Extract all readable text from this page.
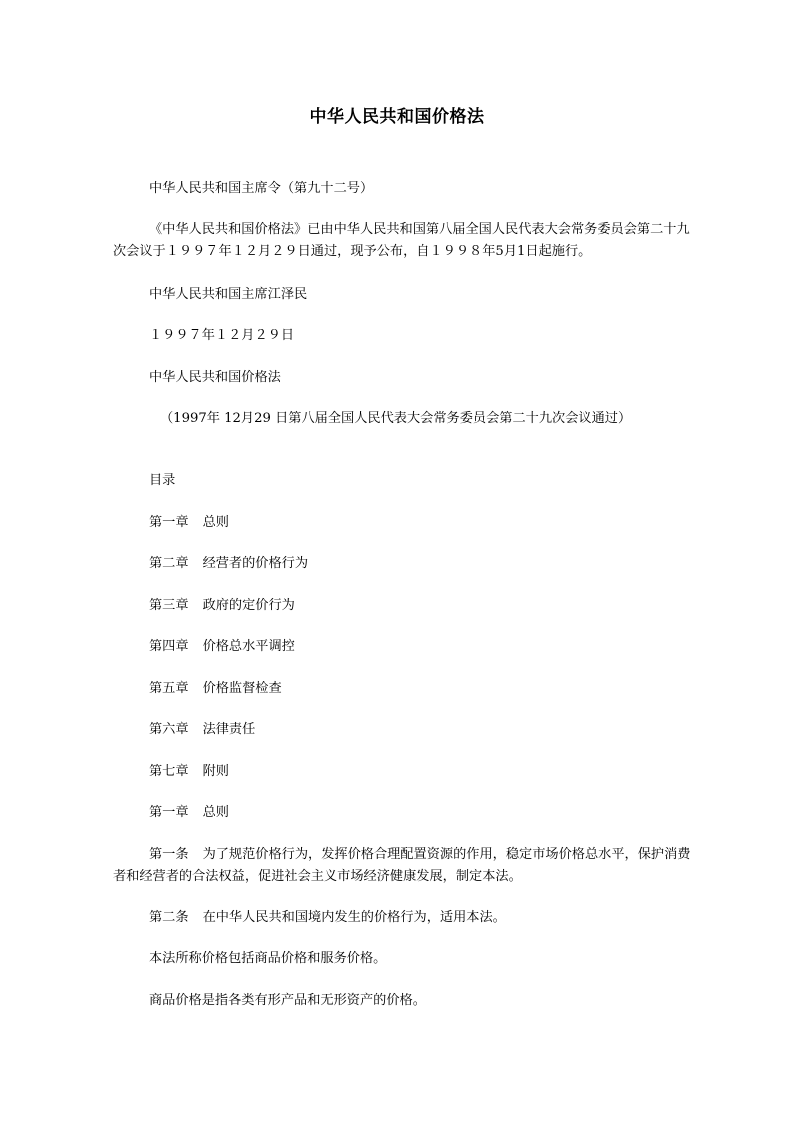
中华人民共和国价格法
中华人民共和国主席令（第九十二号）
《中华人民共和国价格法》已由中华人民共和国第八届全国人民代表大会常务委员会第二十九次会议于１９９７年１２月２９日通过，现予公布，自１９９８年5月1日起施行。
中华人民共和国主席江泽民
１９９７年１２月２９日
中华人民共和国价格法
（1997年 12月29 日第八届全国人民代表大会常务委员会第二十九次会议通过）
目录
第一章 总则
第二章 经营者的价格行为
第三章 政府的定价行为
第四章 价格总水平调控
第五章 价格监督检查
第六章 法律责任
第七章 附则
第一章 总则
第一条 为了规范价格行为，发挥价格合理配置资源的作用，稳定市场价格总水平，保护消费者和经营者的合法权益，促进社会主义市场经济健康发展，制定本法。
第二条 在中华人民共和国境内发生的价格行为，适用本法。
本法所称价格包括商品价格和服务价格。
商品价格是指各类有形产品和无形资产的价格。
